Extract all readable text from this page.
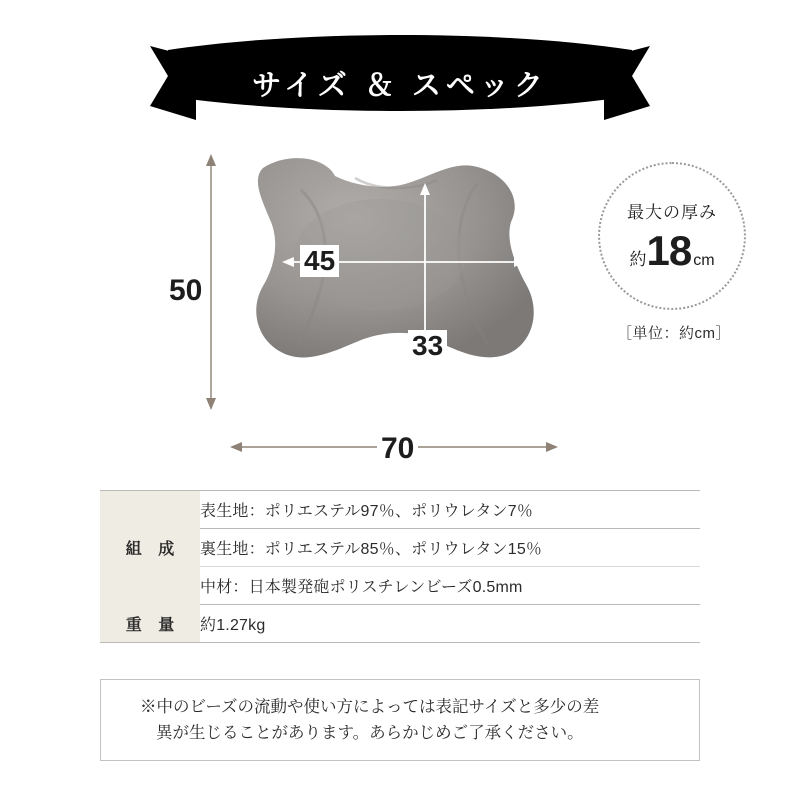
サイズ ＆ スペック
50
70
45
33
最大の厚み
約 18 cm
［単位：約cm］
組 成	表生地：ポリエステル97％、ポリウレタン7％
	裏生地：ポリエステル85％、ポリウレタン15％
	中材：日本製発砲ポリスチレンビーズ0.5mm
重 量	約1.27kg
※中のビーズの流動や使い方によっては表記サイズと多少の差
異が生じることがあります。あらかじめご了承ください。
